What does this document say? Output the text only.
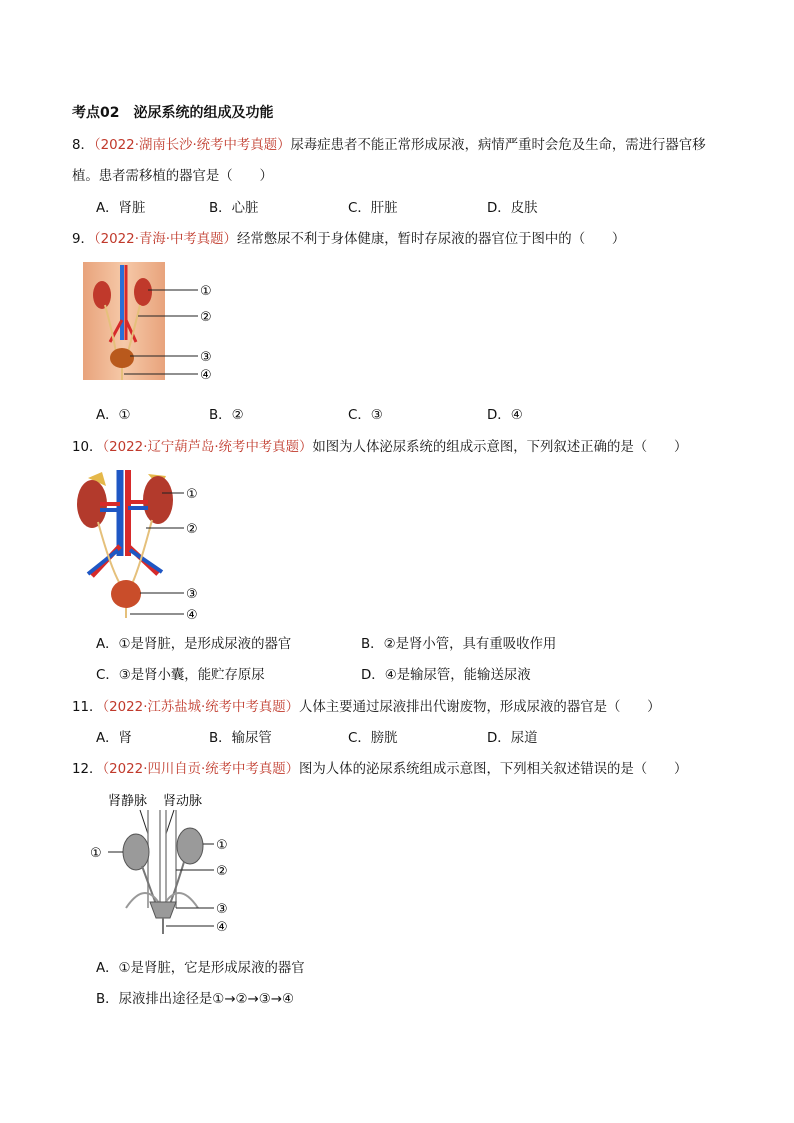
考点02　泌尿系统的组成及功能
8．（2022·湖南长沙·统考中考真题）尿毒症患者不能正常形成尿液，病情严重时会危及生命，需进行器官移
植。患者需移植的器官是（　　）
A．肾脏	B．心脏	C．肝脏	D．皮肤
9．（2022·青海·中考真题）经常憋尿不利于身体健康，暂时存尿液的器官位于图中的（　　）
①
②
③
④
A．①	B．②	C．③	D．④
10．（2022·辽宁葫芦岛·统考中考真题）如图为人体泌尿系统的组成示意图，下列叙述正确的是（　　）
①
②
③
④
A．①是肾脏，是形成尿液的器官	B．②是肾小管，具有重吸收作用
C．③是肾小囊，能贮存原尿	D．④是输尿管，能输送尿液
11．（2022·江苏盐城·统考中考真题）人体主要通过尿液排出代谢废物，形成尿液的器官是（　　）
A．肾	B．输尿管	C．膀胱	D．尿道
12．（2022·四川自贡·统考中考真题）图为人体的泌尿系统组成示意图，下列相关叙述错误的是（　　）
肾静脉 肾动脉
①
①
②
③
④
A．①是肾脏，它是形成尿液的器官
B．尿液排出途径是①→②→③→④
